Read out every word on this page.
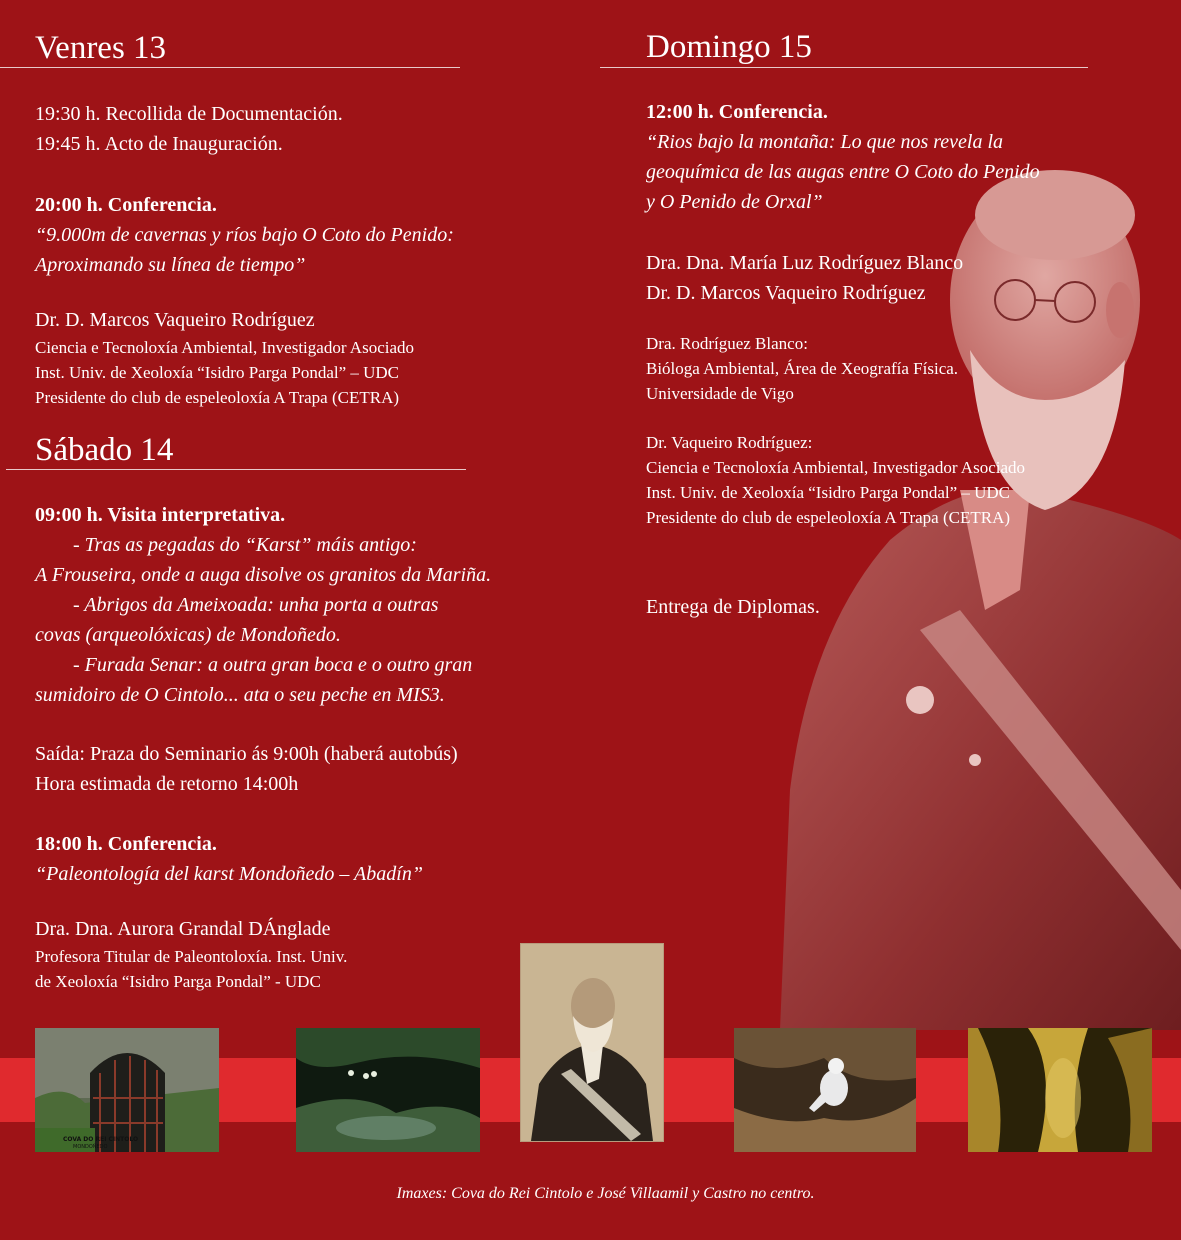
Venres 13
19:30 h. Recollida de Documentación.
19:45 h. Acto de Inauguración.
20:00 h. Conferencia.
“9.000m de cavernas y ríos bajo O Coto do Penido:
Aproximando su línea de tiempo”
Dr. D. Marcos Vaqueiro Rodríguez
Ciencia e Tecnoloxía Ambiental, Investigador Asociado
Inst. Univ. de Xeoloxía “Isidro Parga Pondal” – UDC
Presidente do club de espeleoloxía A Trapa (CETRA)
Sábado 14
09:00 h. Visita interpretativa.
- Tras as pegadas do “Karst” máis antigo:
A Frouseira, onde a auga disolve os granitos da Mariña.
- Abrigos da Ameixoada: unha porta a outras
covas (arqueolóxicas) de Mondoñedo.
- Furada Senar: a outra gran boca e o outro gran
sumidoiro de O Cintolo... ata o seu peche en MIS3.
Saída: Praza do Seminario ás 9:00h (haberá autobús)
Hora estimada de retorno 14:00h
18:00 h. Conferencia.
“Paleontología del karst Mondoñedo – Abadín”
Dra. Dna. Aurora Grandal DÁnglade
Profesora Titular de Paleontoloxía. Inst. Univ.
de Xeoloxía “Isidro Parga Pondal” - UDC
Domingo 15
12:00 h. Conferencia.
“Rios bajo la montaña: Lo que nos revela la
geoquímica de las augas entre O Coto do Penido
y O Penido de Orxal”
Dra. Dna. María Luz Rodríguez Blanco
Dr. D. Marcos Vaqueiro Rodríguez
Dra. Rodríguez Blanco:
Bióloga Ambiental, Área de Xeografía Física.
Universidade de Vigo
Dr. Vaqueiro Rodríguez:
Ciencia e Tecnoloxía Ambiental, Investigador Asociado
Inst. Univ. de Xeoloxía “Isidro Parga Pondal” – UDC
Presidente do club de espeleoloxía A Trapa (CETRA)
Entrega de Diplomas.
COVA DO REI CINTOLO
MONDOÑEDO
Imaxes: Cova do Rei Cintolo e José Villaamil y Castro no centro.
